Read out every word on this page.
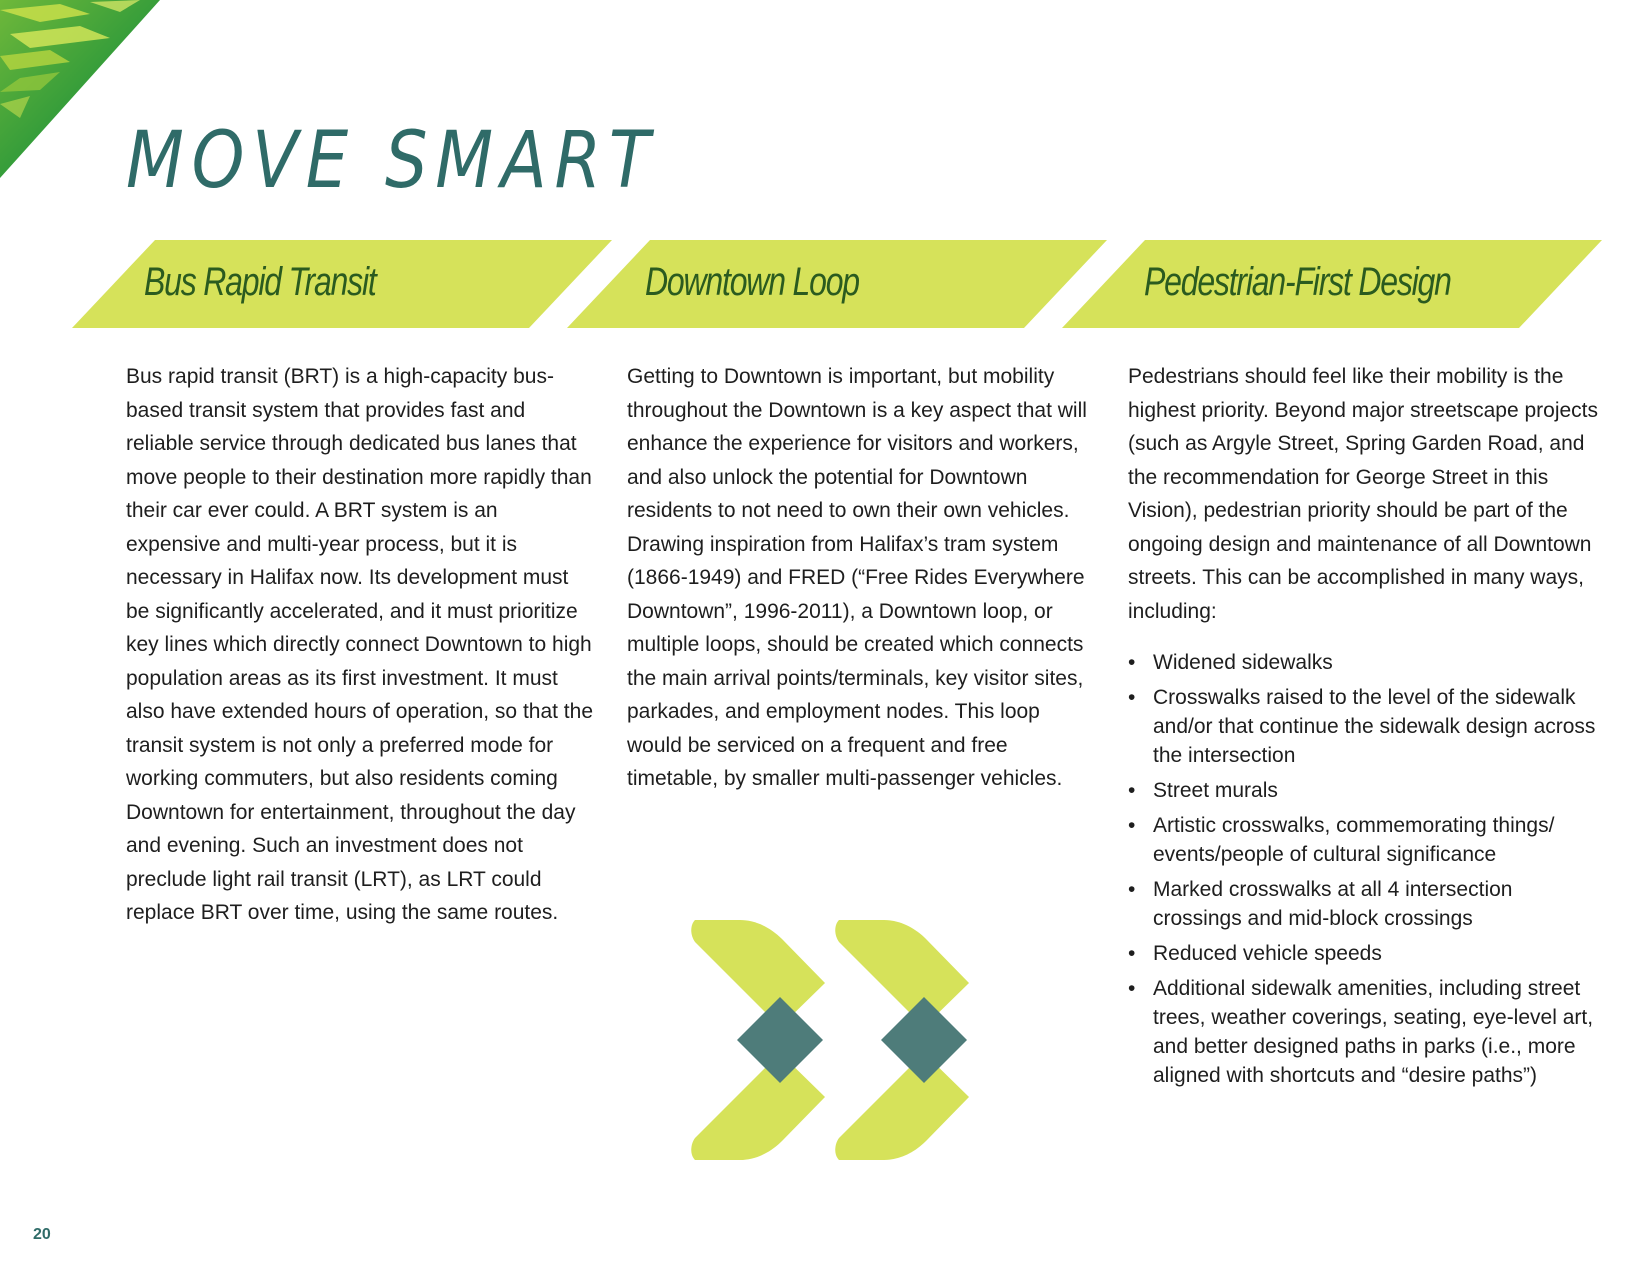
MOVE SMART
Bus Rapid Transit	Downtown Loop	Pedestrian-First Design

Bus rapid transit (BRT) is a high-capacity bus-based transit system that provides fast and reliable service through dedicated bus lanes that move people to their destination more rapidly than their car ever could. A BRT system is an expensive and multi-year process, but it is necessary in Halifax now. Its development must be significantly accelerated, and it must prioritize key lines which directly connect Downtown to high population areas as its first investment. It must also have extended hours of operation, so that the transit system is not only a preferred mode for working commuters, but also residents coming Downtown for entertainment, throughout the day and evening. Such an investment does not preclude light rail transit (LRT), as LRT could replace BRT over time, using the same routes.

Getting to Downtown is important, but mobility throughout the Downtown is a key aspect that will enhance the experience for visitors and workers, and also unlock the potential for Downtown residents to not need to own their own vehicles. Drawing inspiration from Halifax’s tram system (1866-1949) and FRED (“Free Rides Everywhere Downtown”, 1996-2011), a Downtown loop, or multiple loops, should be created which connects the main arrival points/terminals, key visitor sites, parkades, and employment nodes. This loop would be serviced on a frequent and free timetable, by smaller multi-passenger vehicles.

Pedestrians should feel like their mobility is the highest priority. Beyond major streetscape projects (such as Argyle Street, Spring Garden Road, and the recommendation for George Street in this Vision), pedestrian priority should be part of the ongoing design and maintenance of all Downtown streets. This can be accomplished in many ways, including:

• Widened sidewalks
• Crosswalks raised to the level of the sidewalk and/or that continue the sidewalk design across the intersection
• Street murals
• Artistic crosswalks, commemorating things/ events/people of cultural significance
• Marked crosswalks at all 4 intersection crossings and mid-block crossings
• Reduced vehicle speeds
• Additional sidewalk amenities, including street trees, weather coverings, seating, eye-level art, and better designed paths in parks (i.e., more aligned with shortcuts and “desire paths”)
20
